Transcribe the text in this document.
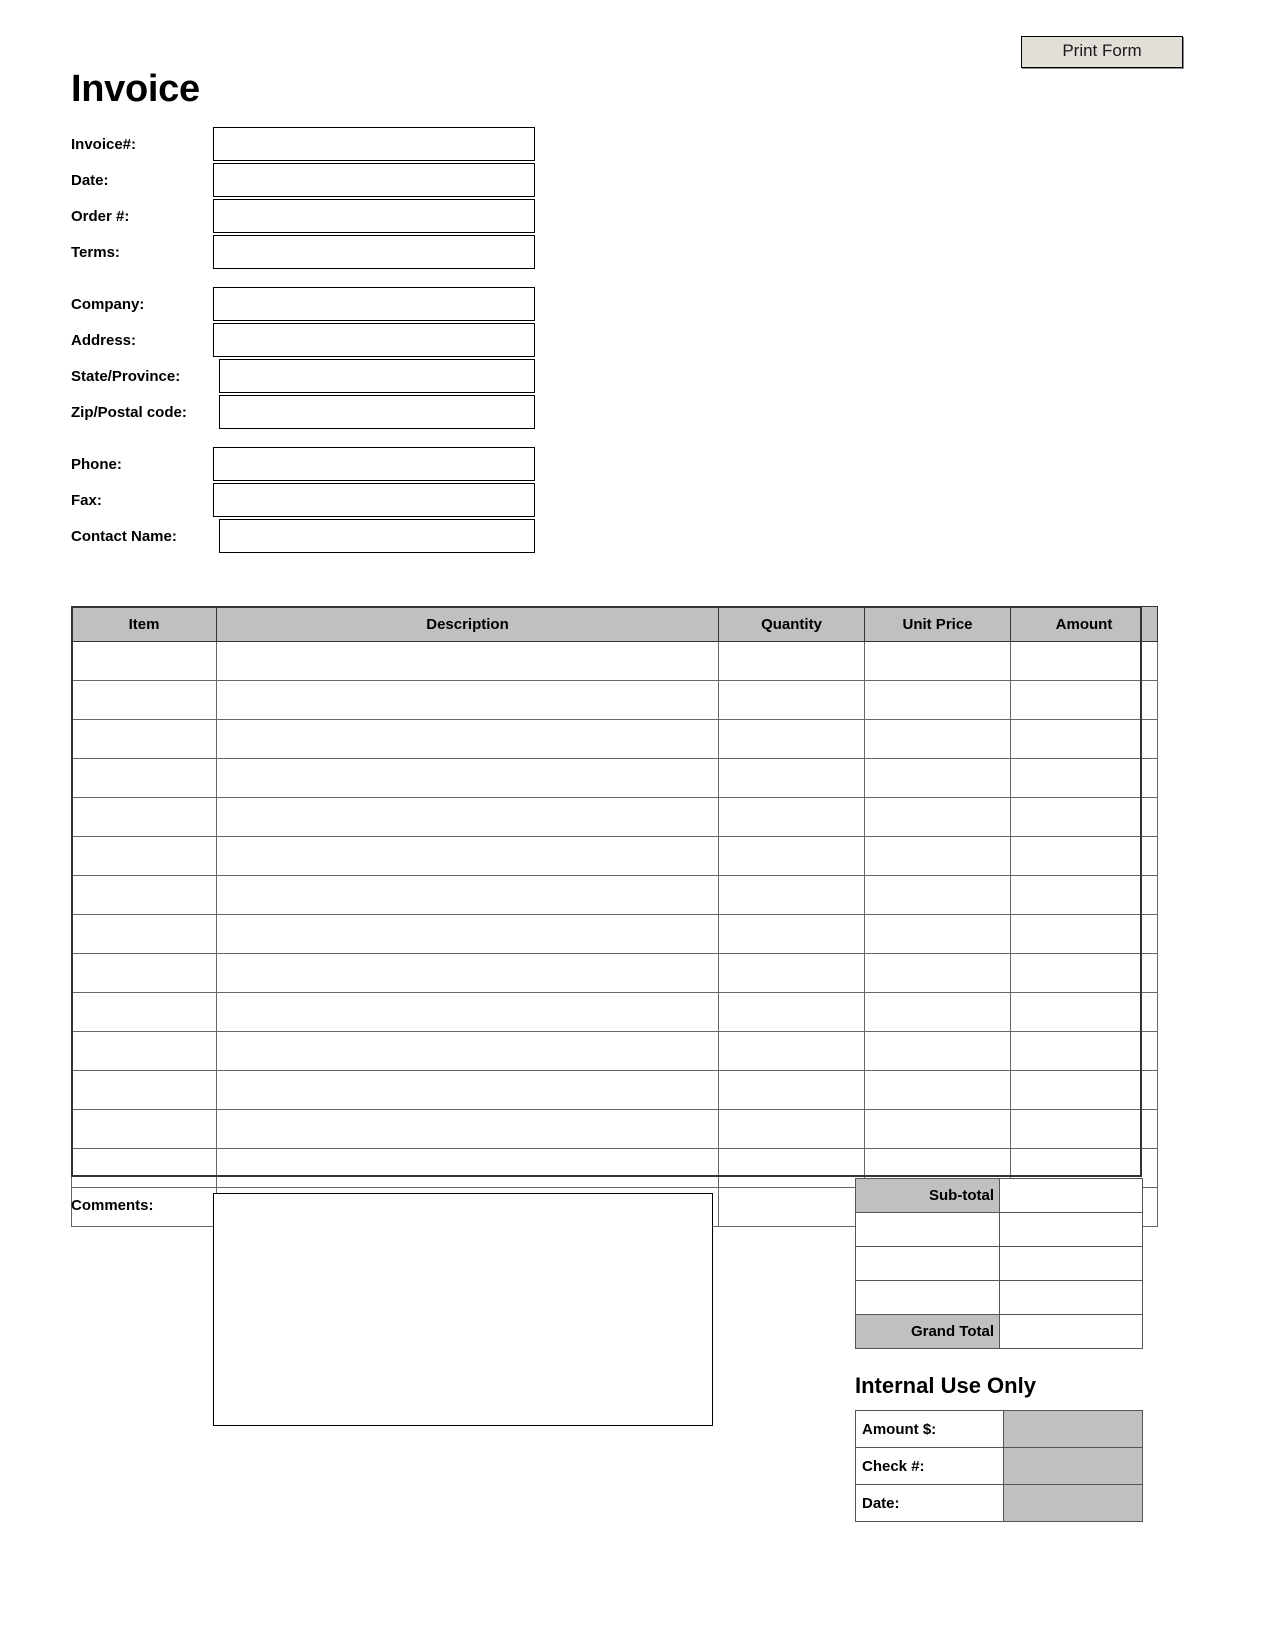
Print Form
Invoice
Invoice#:
Date:
Order #:
Terms:
Company:
Address:
State/Province:
Zip/Postal code:
Phone:
Fax:
Contact Name:
Item	Description	Quantity	Unit Price	Amount

Comments:
Sub-total	

Grand Total	
Internal Use Only
Amount $:	
Check #:	
Date:	
